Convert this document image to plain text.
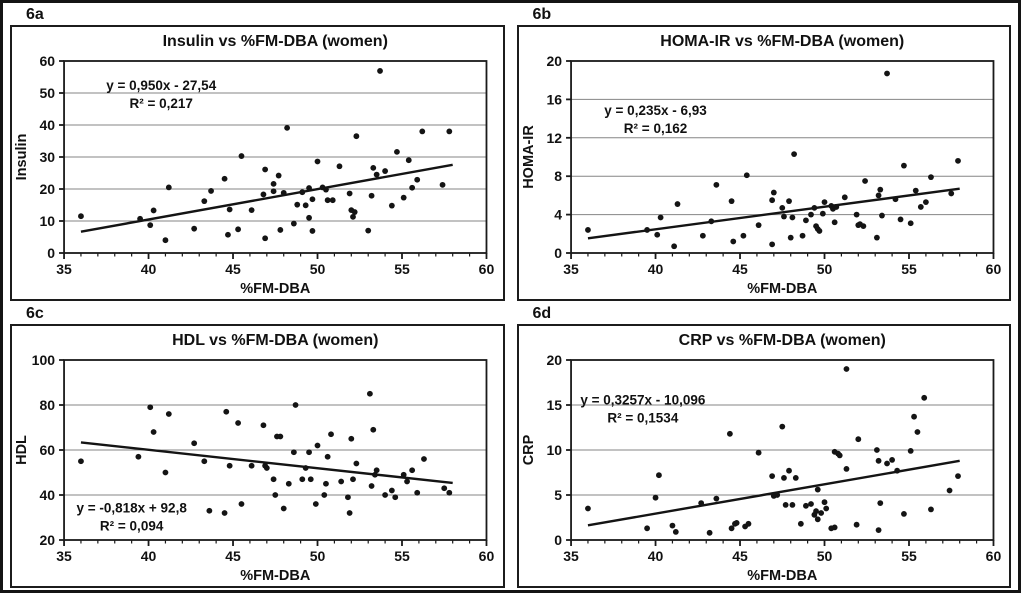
6a
35	40	45	50	55	60
0
10
20
30
40
50
60
Insulin vs %FM-DBA (women)
%FM-DBA
Insulin
y = 0,950x - 27,54
R² = 0,217
6b
35	40	45	50	55	60
0
4
8
12
16
20
HOMA-IR vs %FM-DBA (women)
%FM-DBA
HOMA-IR
y = 0,235x - 6,93
R² = 0,162
6c
35	40	45	50	55	60
20
40
60
80
100
HDL vs %FM-DBA (women)
%FM-DBA
HDL
y = -0,818x + 92,8
R² = 0,094
6d
35	40	45	50	55	60
0
5
10
15
20
CRP vs %FM-DBA (women)
%FM-DBA
CRP
y = 0,3257x - 10,096
R² = 0,1534
